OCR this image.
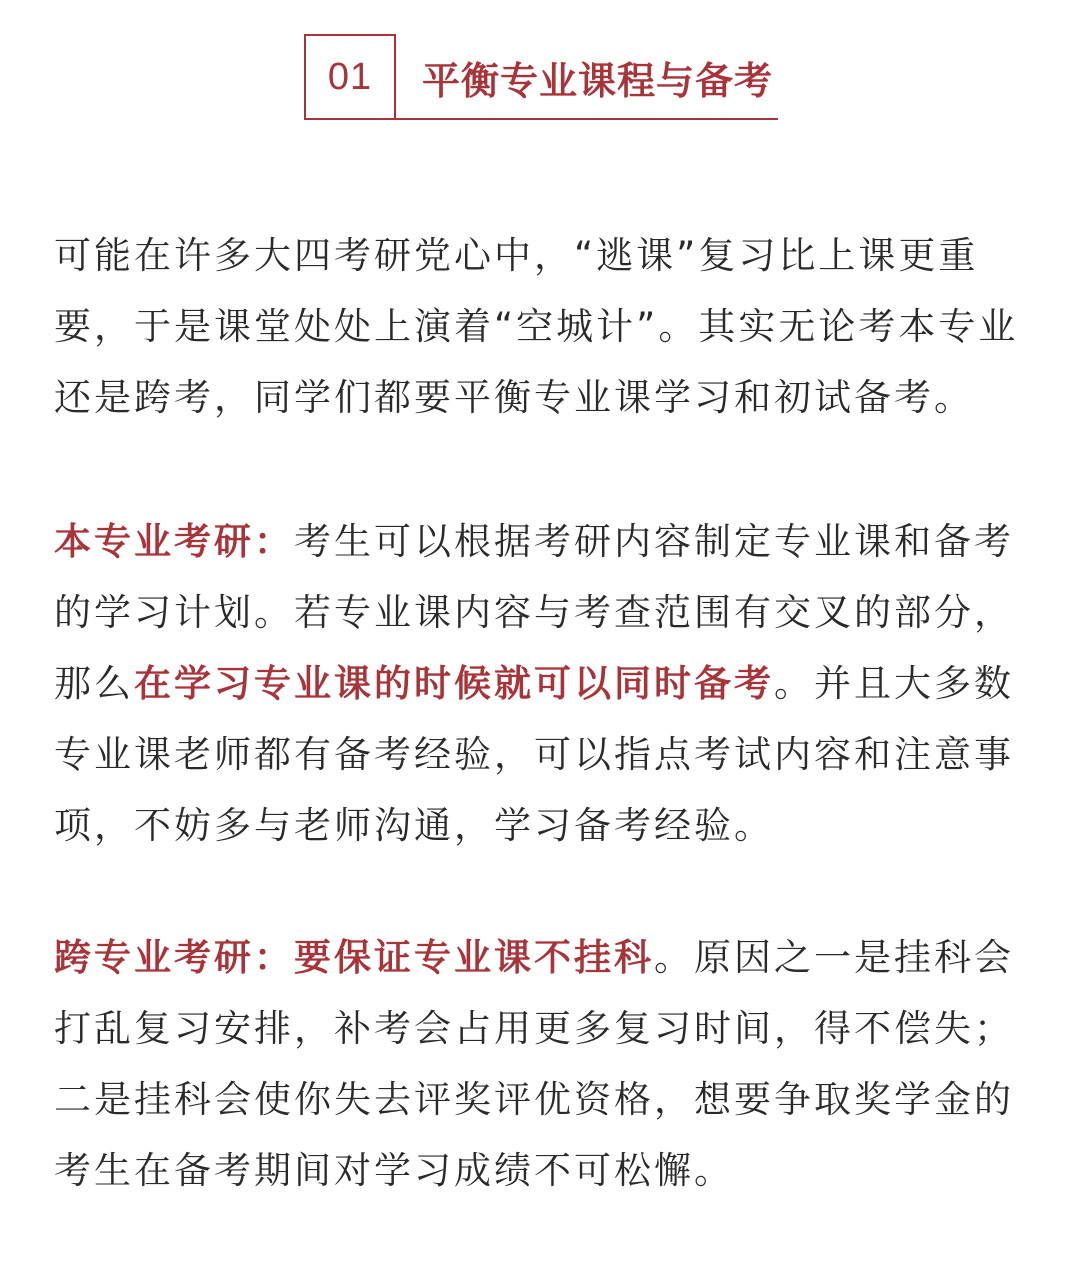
01	平衡专业课程与备考

可能在许多大四考研党心中，“逃课”复习比上课更重要，于是课堂处处上演着“空城计”。其实无论考本专业还是跨考，同学们都要平衡专业课学习和初试备考。

本专业考研：考生可以根据考研内容制定专业课和备考的学习计划。若专业课内容与考查范围有交叉的部分，那么在学习专业课的时候就可以同时备考。并且大多数专业课老师都有备考经验，可以指点考试内容和注意事项，不妨多与老师沟通，学习备考经验。

跨专业考研：要保证专业课不挂科。原因之一是挂科会打乱复习安排，补考会占用更多复习时间，得不偿失；二是挂科会使你失去评奖评优资格，想要争取奖学金的考生在备考期间对学习成绩不可松懈。
